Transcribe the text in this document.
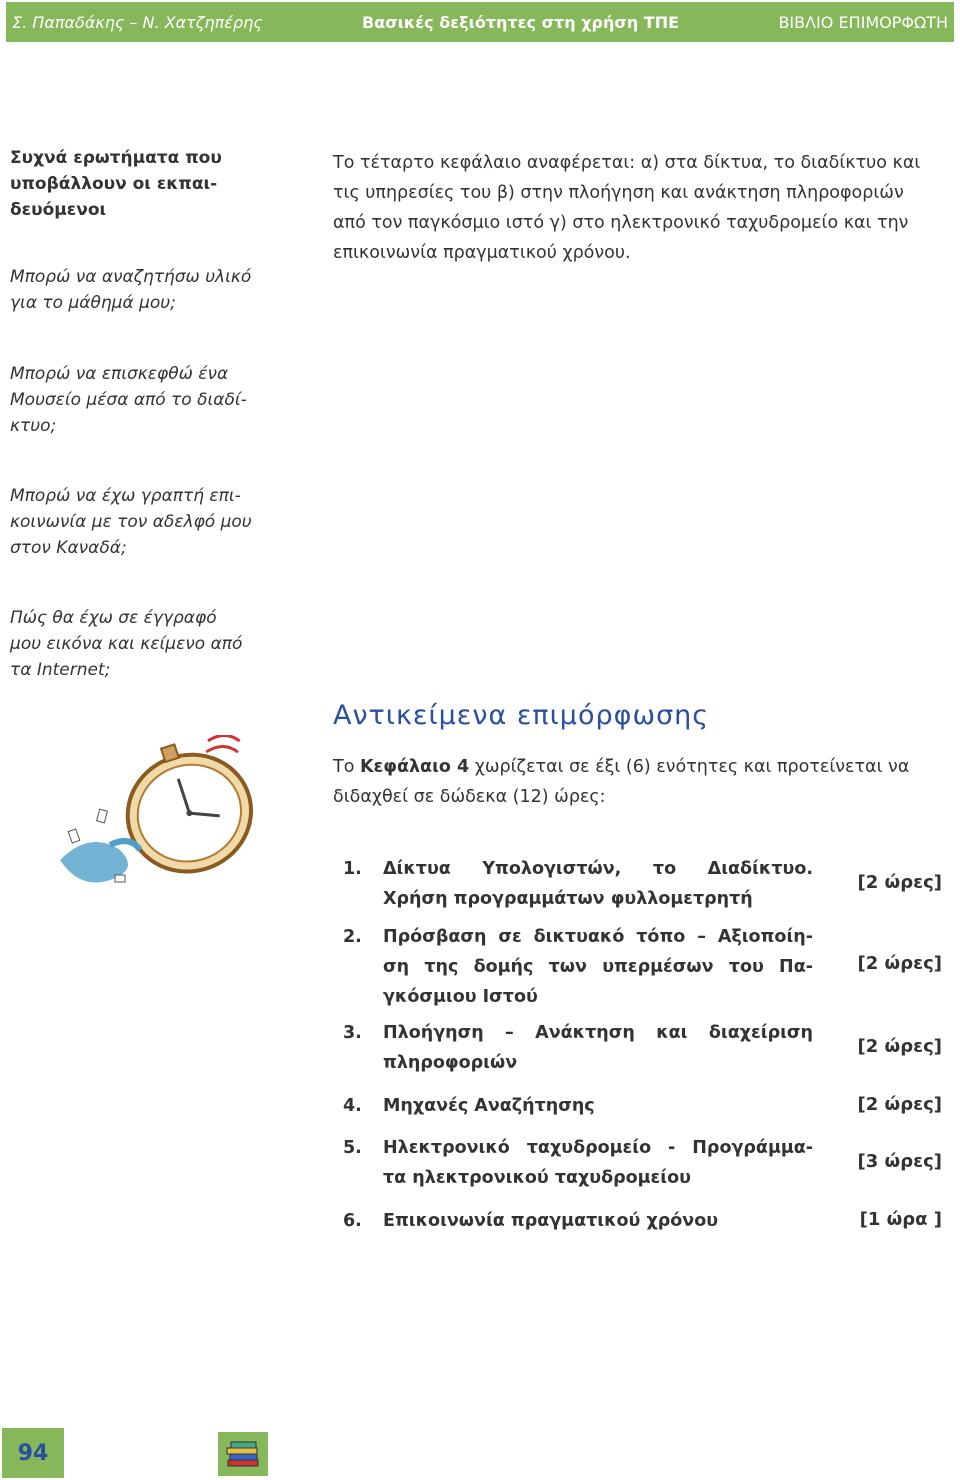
Σ. Παπαδάκης – Ν. Χατζηπέρης	Βασικές δεξιότητες στη χρήση ΤΠΕ	ΒΙΒΛΙΟ ΕΠΙΜΟΡΦΩΤΗ
Συχνά ερωτήματα που
υποβάλλουν οι εκπαι-
δευόμενοι
Μπορώ να αναζητήσω υλικό
για το μάθημά μου;
Μπορώ να επισκεφθώ ένα
Μουσείο μέσα από το διαδί-
κτυο;
Μπορώ να έχω γραπτή επι-
κοινωνία με τον αδελφό μου
στον Καναδά;
Πώς θα έχω σε έγγραφό
μου εικόνα και κείμενο από
τα Internet;
Το τέταρτο κεφάλαιο αναφέρεται: α) στα δίκτυα, το διαδίκτυο και
τις υπηρεσίες του β) στην πλοήγηση και ανάκτηση πληροφοριών
από τον παγκόσμιο ιστό γ) στο ηλεκτρονικό ταχυδρομείο και την
επικοινωνία πραγματικού χρόνου.
Αντικείμενα επιμόρφωσης
Το Κεφάλαιο 4 χωρίζεται σε έξι (6) ενότητες και προτείνεται να
διδαχθεί σε δώδεκα (12) ώρες:
1.	Δίκτυα Υπολογιστών, το Διαδίκτυο.
Χρήση προγραμμάτων φυλλομετρητή
[2 ώρες]
2.	Πρόσβαση σε δικτυακό τόπο – Αξιοποίη-
ση της δομής των υπερμέσων του Πα-
γκόσμιου Ιστού
[2 ώρες]
3.	Πλοήγηση – Ανάκτηση και διαχείριση
πληροφοριών
[2 ώρες]
4.	Μηχανές Αναζήτησης	[2 ώρες]
5.	Ηλεκτρονικό ταχυδρομείο - Προγράμμα-
τα ηλεκτρονικού ταχυδρομείου
[3 ώρες]
6.	Επικοινωνία πραγματικού χρόνου	[1 ώρα ]
94
